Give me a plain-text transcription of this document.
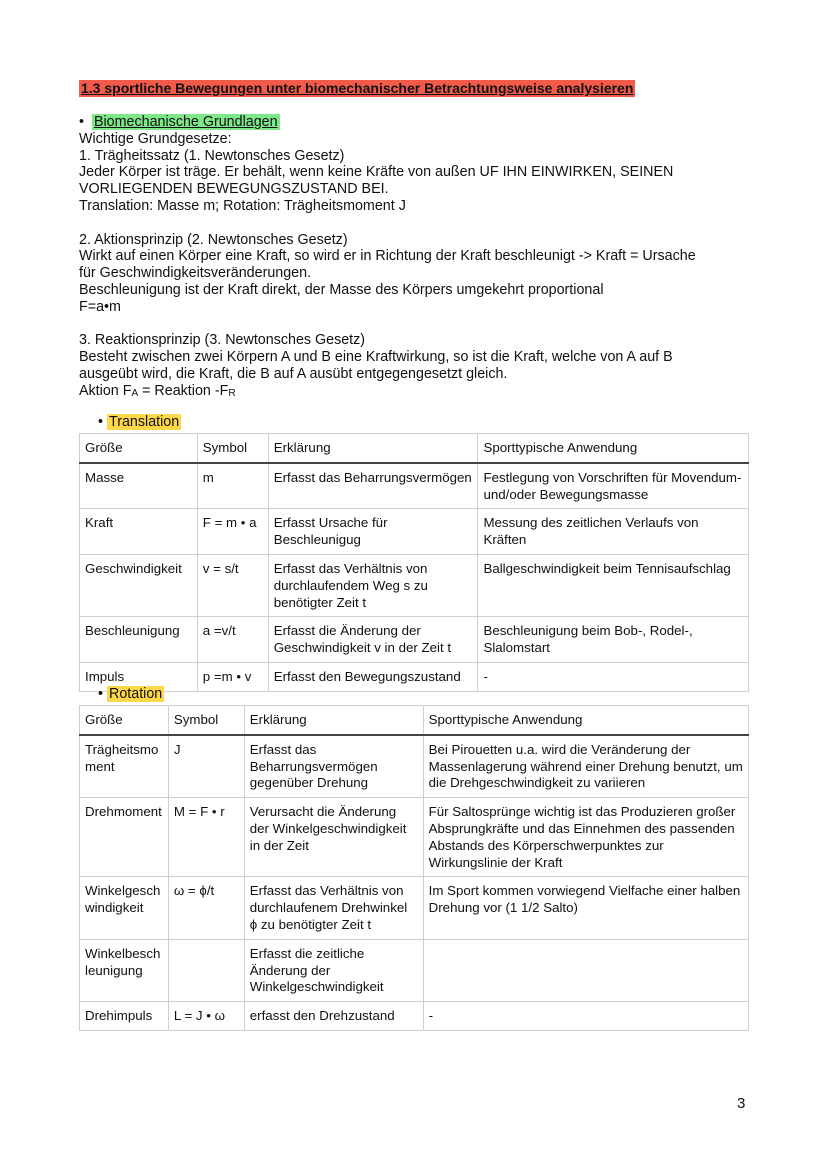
1.3 sportliche Bewegungen unter biomechanischer Betrachtungsweise analysieren

• Biomechanische Grundlagen

Wichtige Grundgesetze:

1. Trägheitssatz (1. Newtonsches Gesetz)

Jeder Körper ist träge. Er behält, wenn keine Kräfte von außen UF IHN EINWIRKEN, SEINEN

VORLIEGENDEN BEWEGUNGSZUSTAND BEI.

Translation: Masse m; Rotation: Trägheitsmoment J

2. Aktionsprinzip (2. Newtonsches Gesetz)

Wirkt auf einen Körper eine Kraft, so wird er in Richtung der Kraft beschleunigt -> Kraft = Ursache

für Geschwindigkeitsveränderungen.

Beschleunigung ist der Kraft direkt, der Masse des Körpers umgekehrt proportional

F=a•m

3. Reaktionsprinzip (3. Newtonsches Gesetz)

Besteht zwischen zwei Körpern A und B eine Kraftwirkung, so ist die Kraft, welche von A auf B

ausgeübt wird, die Kraft, die B auf A ausübt entgegengesetzt gleich.

Aktion $F_A$ = Reaktion $-F_R$

• Translation
Größe	Symbol	Erklärung	Sporttypische Anwendung
Masse	m	Erfasst das Beharrungsvermögen	Festlegung von Vorschriften für Movendum- und/oder Bewegungsmasse
Kraft	F = m • a	Erfasst Ursache für Beschleunigug	Messung des zeitlichen Verlaufs von Kräften
Geschwindigkeit	v = s/t	Erfasst das Verhältnis von durchlaufendem Weg s zu benötigter Zeit t	Ballgeschwindigkeit beim Tennisaufschlag
Beschleunigung	a =v/t	Erfasst die Änderung der Geschwindigkeit v in der Zeit t	Beschleunigung beim Bob-, Rodel-, Slalomstart
Impuls	p =m • v	Erfasst den Bewegungszustand	-
• Rotation
Größe	Symbol	Erklärung	Sporttypische Anwendung
Trägheitsmoment	J	Erfasst das Beharrungsvermögen gegenüber Drehung	Bei Pirouetten u.a. wird die Veränderung der Massenlagerung während einer Drehung benutzt, um die Drehgeschwindigkeit zu variieren
Drehmoment	M = F • r	Verursacht die Änderung der Winkelgeschwindigkeit in der Zeit	Für Saltosprünge wichtig ist das Produzieren großer Absprungkräfte und das Einnehmen des passenden Abstands des Körperschwerpunktes zur Wirkungslinie der Kraft
Winkelgeschwindigkeit	ω = ϕ/t	Erfasst das Verhältnis von durchlaufenem Drehwinkel ϕ zu benötigter Zeit t	Im Sport kommen vorwiegend Vielfache einer halben Drehung vor (1 1/2 Salto)
Winkelbeschleunigung		Erfasst die zeitliche Änderung der Winkelgeschwindigkeit	
Drehimpuls	L = J • ω	erfasst den Drehzustand	-
3
